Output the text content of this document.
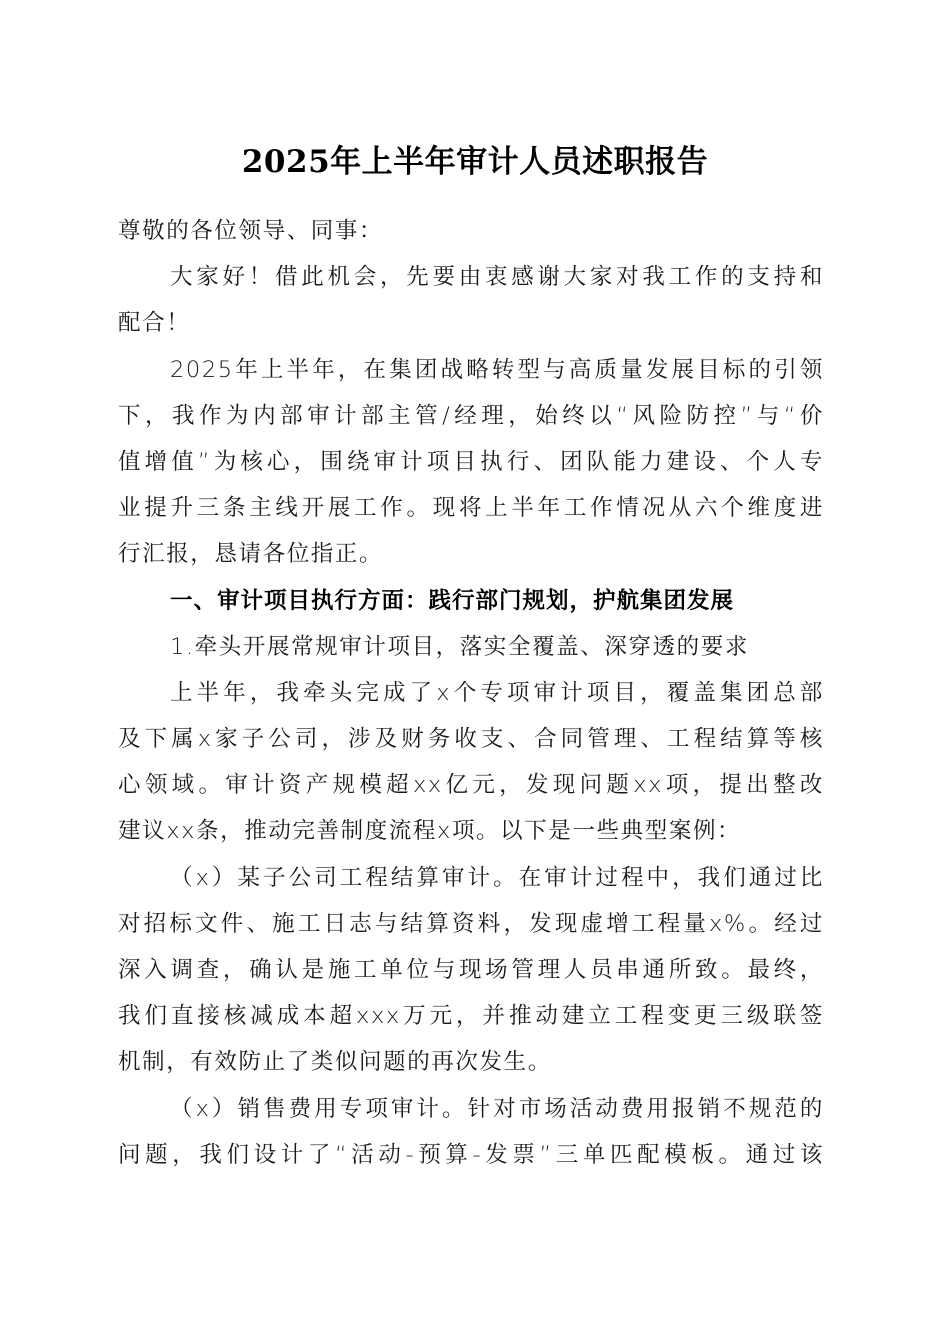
2025年上半年审计人员述职报告
尊敬的各位领导、同事：
大家好！借此机会，先要由衷感谢大家对我工作的支持和
配合！
2025年上半年，在集团战略转型与高质量发展目标的引领
下，我作为内部审计部主管/经理，始终以“风险防控”与“价
值增值”为核心，围绕审计项目执行、团队能力建设、个人专
业提升三条主线开展工作。现将上半年工作情况从六个维度进
行汇报，恳请各位指正。
一、审计项目执行方面：践行部门规划，护航集团发展
1.牵头开展常规审计项目，落实全覆盖、深穿透的要求
上半年，我牵头完成了x个专项审计项目，覆盖集团总部
及下属x家子公司，涉及财务收支、合同管理、工程结算等核
心领域。审计资产规模超xx亿元，发现问题xx项，提出整改
建议xx条，推动完善制度流程x项。以下是一些典型案例：
（x）某子公司工程结算审计。在审计过程中，我们通过比
对招标文件、施工日志与结算资料，发现虚增工程量x%。经过
深入调查，确认是施工单位与现场管理人员串通所致。最终，
我们直接核减成本超xxx万元，并推动建立工程变更三级联签
机制，有效防止了类似问题的再次发生。
（x）销售费用专项审计。针对市场活动费用报销不规范的
问题，我们设计了“活动-预算-发票”三单匹配模板。通过该
